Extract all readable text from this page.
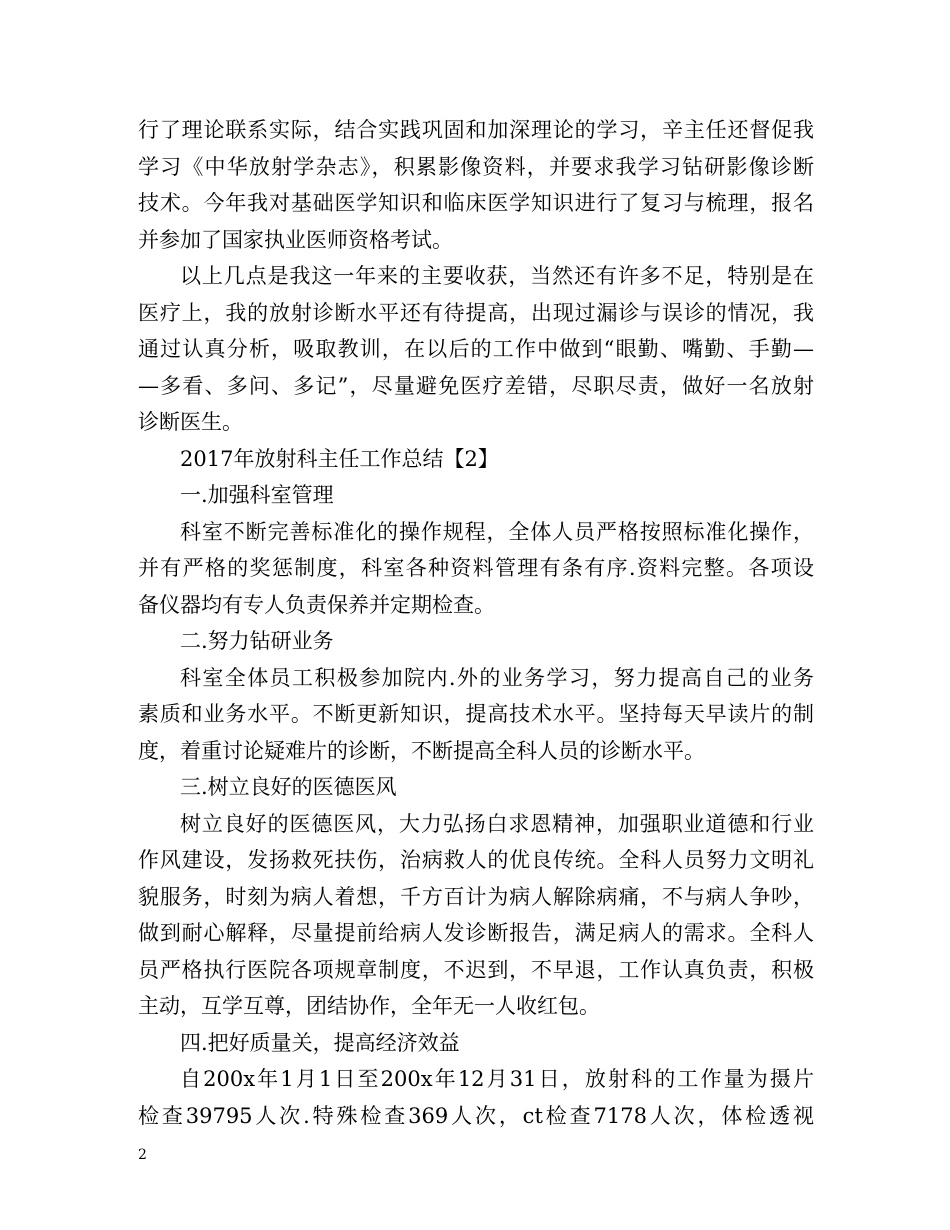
行了理论联系实际，结合实践巩固和加深理论的学习，辛主任还督促我
学习《中华放射学杂志》，积累影像资料，并要求我学习钻研影像诊断
技术。今年我对基础医学知识和临床医学知识进行了复习与梳理，报名
并参加了国家执业医师资格考试。
以上几点是我这一年来的主要收获，当然还有许多不足，特别是在
医疗上，我的放射诊断水平还有待提高，出现过漏诊与误诊的情况，我
通过认真分析，吸取教训，在以后的工作中做到“眼勤、嘴勤、手勤—
—多看、多问、多记”，尽量避免医疗差错，尽职尽责，做好一名放射
诊断医生。
2017年放射科主任工作总结【2】
一.加强科室管理
科室不断完善标准化的操作规程，全体人员严格按照标准化操作，
并有严格的奖惩制度，科室各种资料管理有条有序.资料完整。各项设
备仪器均有专人负责保养并定期检查。
二.努力钻研业务
科室全体员工积极参加院内.外的业务学习，努力提高自己的业务
素质和业务水平。不断更新知识，提高技术水平。坚持每天早读片的制
度，着重讨论疑难片的诊断，不断提高全科人员的诊断水平。
三.树立良好的医德医风
树立良好的医德医风，大力弘扬白求恩精神，加强职业道德和行业
作风建设，发扬救死扶伤，治病救人的优良传统。全科人员努力文明礼
貌服务，时刻为病人着想，千方百计为病人解除病痛，不与病人争吵，
做到耐心解释，尽量提前给病人发诊断报告，满足病人的需求。全科人
员严格执行医院各项规章制度，不迟到，不早退，工作认真负责，积极
主动，互学互尊，团结协作，全年无一人收红包。
四.把好质量关，提高经济效益
自200x年1月1日至200x年12月31日，放射科的工作量为摄片
检查39795人次.特殊检查369人次，ct检查7178人次，体检透视
2
